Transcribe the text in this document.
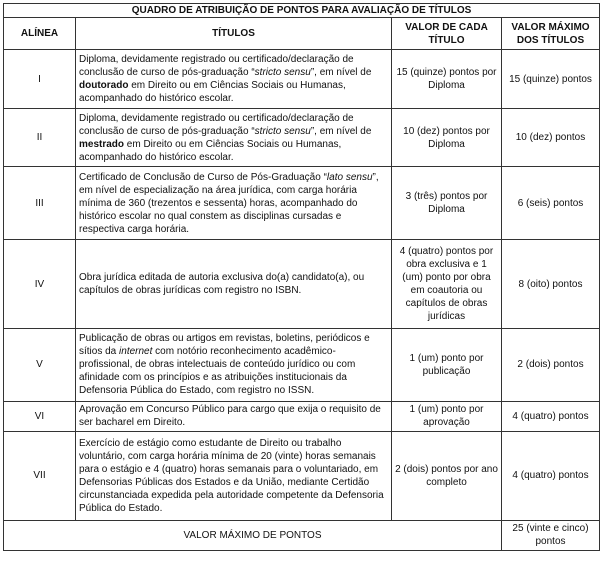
QUADRO DE ATRIBUIÇÃO DE PONTOS PARA AVALIAÇÃO DE TÍTULOS			
ALÍNEA	TÍTULOS	VALOR DE CADA TÍTULO	VALOR MÁXIMO DOS TÍTULOS
I	Diploma, devidamente registrado ou certificado/declaração de conclusão de curso de pós-graduação “stricto sensu”, em nível de doutorado em Direito ou em Ciências Sociais ou Humanas, acompanhado do histórico escolar.	15 (quinze) pontos por Diploma	15 (quinze) pontos
II	Diploma, devidamente registrado ou certificado/declaração de conclusão de curso de pós-graduação “stricto sensu”, em nível de mestrado em Direito ou em Ciências Sociais ou Humanas, acompanhado do histórico escolar.	10 (dez) pontos por Diploma	10 (dez) pontos
III	Certificado de Conclusão de Curso de Pós-Graduação “lato sensu”, em nível de especialização na área jurídica, com carga horária mínima de 360 (trezentos e sessenta) horas, acompanhado do histórico escolar no qual constem as disciplinas cursadas e respectiva carga horária.	3 (três) pontos por Diploma	6 (seis) pontos
IV	Obra jurídica editada de autoria exclusiva do(a) candidato(a), ou capítulos de obras jurídicas com registro no ISBN.	4 (quatro) pontos por obra exclusiva e 1 (um) ponto por obra em coautoria ou capítulos de obras jurídicas	8 (oito) pontos
V	Publicação de obras ou artigos em revistas, boletins, periódicos e sítios da internet com notório reconhecimento acadêmico-profissional, de obras intelectuais de conteúdo jurídico ou com afinidade com os princípios e as atribuições institucionais da Defensoria Pública do Estado, com registro no ISSN.	1 (um) ponto por publicação	2 (dois) pontos
VI	Aprovação em Concurso Público para cargo que exija o requisito de ser bacharel em Direito.	1 (um) ponto por aprovação	4 (quatro) pontos
VII	Exercício de estágio como estudante de Direito ou trabalho voluntário, com carga horária mínima de 20 (vinte) horas semanais para o estágio e 4 (quatro) horas semanais para o voluntariado, em Defensorias Públicas dos Estados e da União, mediante Certidão circunstanciada expedida pela autoridade competente da Defensoria Pública do Estado.	2 (dois) pontos por ano completo	4 (quatro) pontos
VALOR MÁXIMO DE PONTOS			25 (vinte e cinco) pontos
